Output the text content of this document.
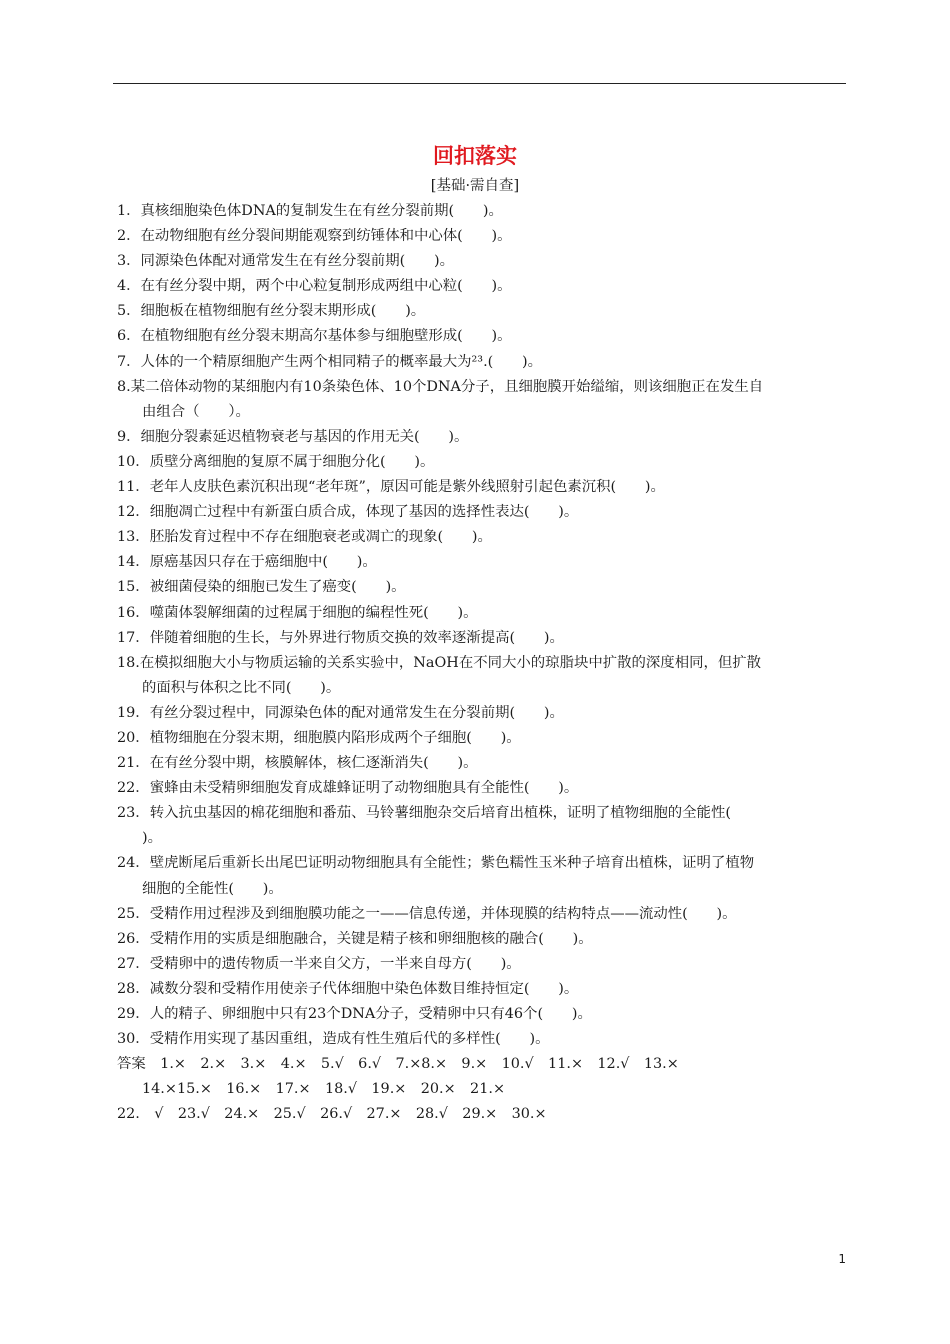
回扣落实
[基础·需自查]
1．真核细胞染色体DNA的复制发生在有丝分裂前期(　　)。
2．在动物细胞有丝分裂间期能观察到纺锤体和中心体(　　)。
3．同源染色体配对通常发生在有丝分裂前期(　　)。
4．在有丝分裂中期，两个中心粒复制形成两组中心粒(　　)。
5．细胞板在植物细胞有丝分裂末期形成(　　)。
6．在植物细胞有丝分裂末期高尔基体参与细胞壁形成(　　)。
7．人体的一个精原细胞产生两个相同精子的概率最大为²³.(　　)。
8.某二倍体动物的某细胞内有10条染色体、10个DNA分子，且细胞膜开始缢缩，则该细胞正在发生自
由组合（　　）。
9．细胞分裂素延迟植物衰老与基因的作用无关(　　)。
10．质壁分离细胞的复原不属于细胞分化(　　)。
11．老年人皮肤色素沉积出现“老年斑”，原因可能是紫外线照射引起色素沉积(　　)。
12．细胞凋亡过程中有新蛋白质合成，体现了基因的选择性表达(　　)。
13．胚胎发育过程中不存在细胞衰老或凋亡的现象(　　)。
14．原癌基因只存在于癌细胞中(　　)。
15．被细菌侵染的细胞已发生了癌变(　　)。
16．噬菌体裂解细菌的过程属于细胞的编程性死(　　)。
17．伴随着细胞的生长，与外界进行物质交换的效率逐渐提高(　　)。
18.在模拟细胞大小与物质运输的关系实验中，NaOH在不同大小的琼脂块中扩散的深度相同，但扩散
的面积与体积之比不同(　　)。
19．有丝分裂过程中，同源染色体的配对通常发生在分裂前期(　　)。
20．植物细胞在分裂末期，细胞膜内陷形成两个子细胞(　　)。
21．在有丝分裂中期，核膜解体，核仁逐渐消失(　　)。
22．蜜蜂由未受精卵细胞发育成雄蜂证明了动物细胞具有全能性(　　)。
23．转入抗虫基因的棉花细胞和番茄、马铃薯细胞杂交后培育出植株，证明了植物细胞的全能性(
)。
24．壁虎断尾后重新长出尾巴证明动物细胞具有全能性；紫色糯性玉米种子培育出植株，证明了植物
细胞的全能性(　　)。
25．受精作用过程涉及到细胞膜功能之一——信息传递，并体现膜的结构特点——流动性(　　)。
26．受精作用的实质是细胞融合，关键是精子核和卵细胞核的融合(　　)。
27．受精卵中的遗传物质一半来自父方，一半来自母方(　　)。
28．减数分裂和受精作用使亲子代体细胞中染色体数目维持恒定(　　)。
29．人的精子、卵细胞中只有23个DNA分子，受精卵中只有46个(　　)。
30．受精作用实现了基因重组，造成有性生殖后代的多样性(　　)。
答案　1.×　2.×　3.×　4.×　5.√　6.√　7.×8.×　9.×　10.√　11.×　12.√　13.×
14.×15.×　16.×　17.×　18.√　19.×　20.×　21.×
22.　√　23.√　24.×　25.√　26.√　27.×　28.√　29.×　30.×
1
